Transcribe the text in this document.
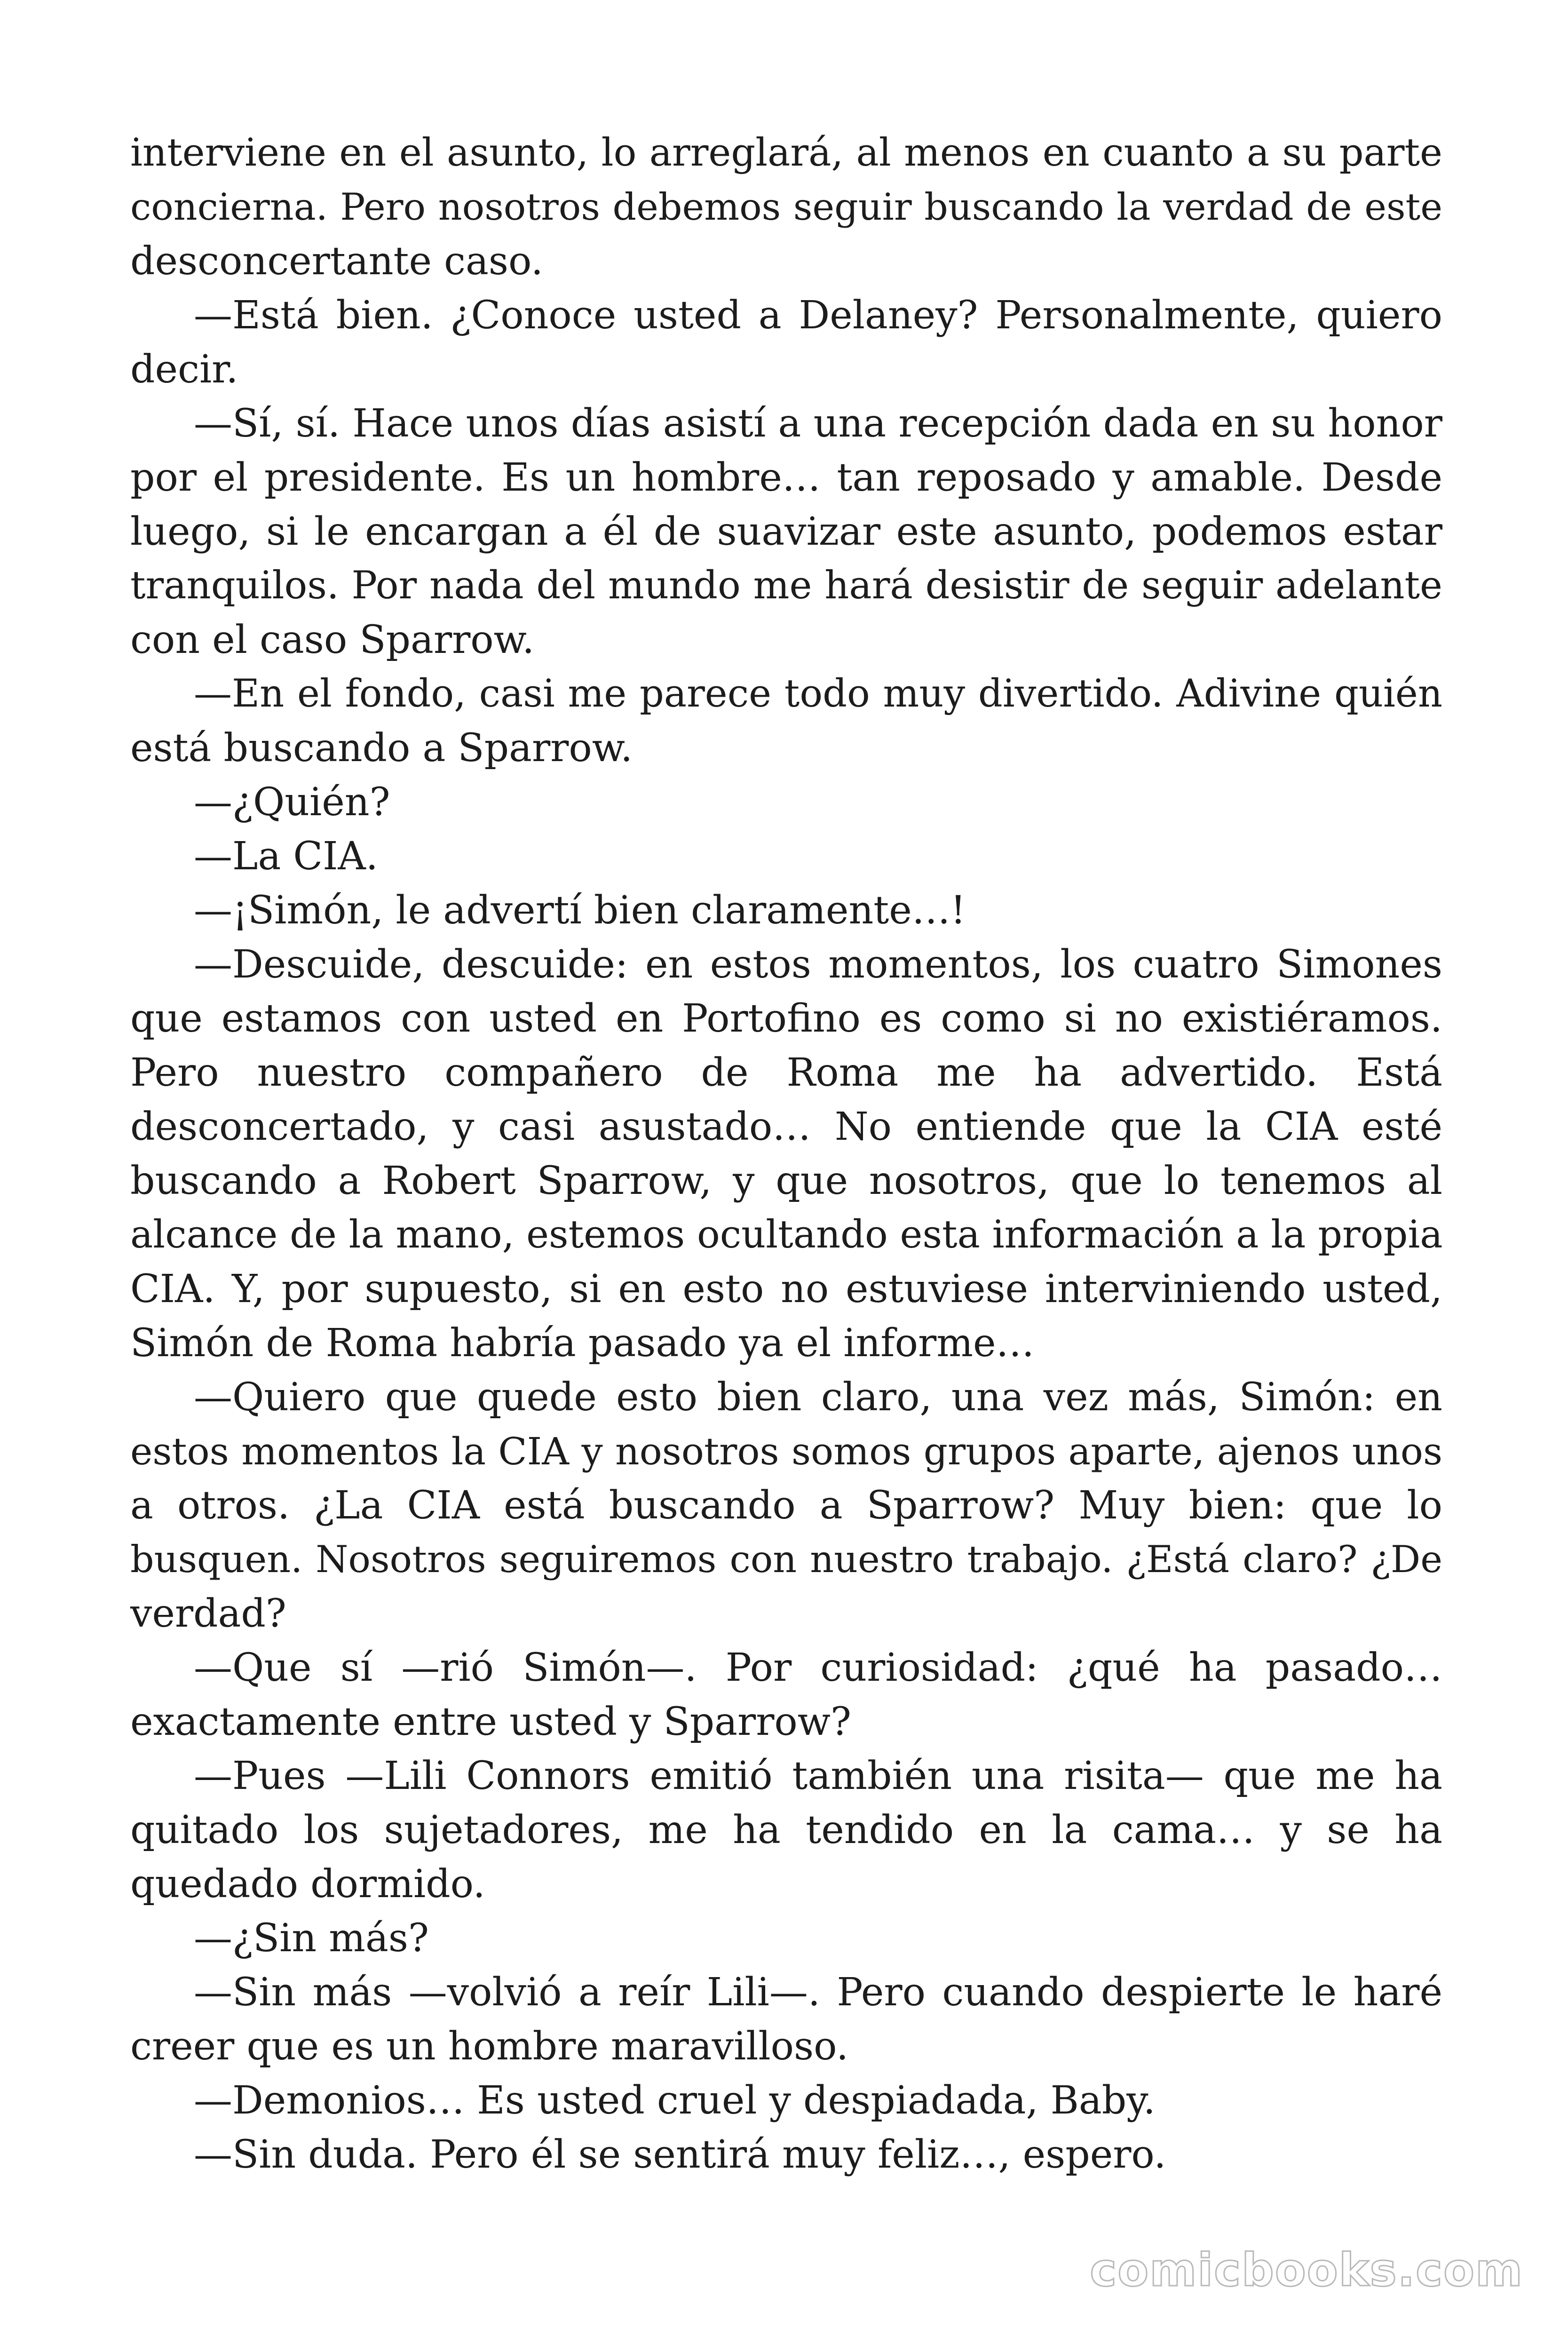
interviene en el asunto, lo arreglará, al menos en cuanto a su parte
concierna. Pero nosotros debemos seguir buscando la verdad de este
desconcertante caso.
—Está bien. ¿Conoce usted a Delaney? Personalmente, quiero
decir.
—Sí, sí. Hace unos días asistí a una recepción dada en su honor
por el presidente. Es un hombre… tan reposado y amable. Desde
luego, si le encargan a él de suavizar este asunto, podemos estar
tranquilos. Por nada del mundo me hará desistir de seguir adelante
con el caso Sparrow.
—En el fondo, casi me parece todo muy divertido. Adivine quién
está buscando a Sparrow.
—¿Quién?
—La CIA.
—¡Simón, le advertí bien claramente…!
—Descuide, descuide: en estos momentos, los cuatro Simones
que estamos con usted en Portofino es como si no existiéramos.
Pero nuestro compañero de Roma me ha advertido. Está
desconcertado, y casi asustado… No entiende que la CIA esté
buscando a Robert Sparrow, y que nosotros, que lo tenemos al
alcance de la mano, estemos ocultando esta información a la propia
CIA. Y, por supuesto, si en esto no estuviese interviniendo usted,
Simón de Roma habría pasado ya el informe…
—Quiero que quede esto bien claro, una vez más, Simón: en
estos momentos la CIA y nosotros somos grupos aparte, ajenos unos
a otros. ¿La CIA está buscando a Sparrow? Muy bien: que lo
busquen. Nosotros seguiremos con nuestro trabajo. ¿Está claro? ¿De
verdad?
—Que sí —rió Simón—. Por curiosidad: ¿qué ha pasado…
exactamente entre usted y Sparrow?
—Pues —Lili Connors emitió también una risita— que me ha
quitado los sujetadores, me ha tendido en la cama… y se ha
quedado dormido.
—¿Sin más?
—Sin más —volvió a reír Lili—. Pero cuando despierte le haré
creer que es un hombre maravilloso.
—Demonios… Es usted cruel y despiadada, Baby.
—Sin duda. Pero él se sentirá muy feliz…, espero.
comicbooks.com
